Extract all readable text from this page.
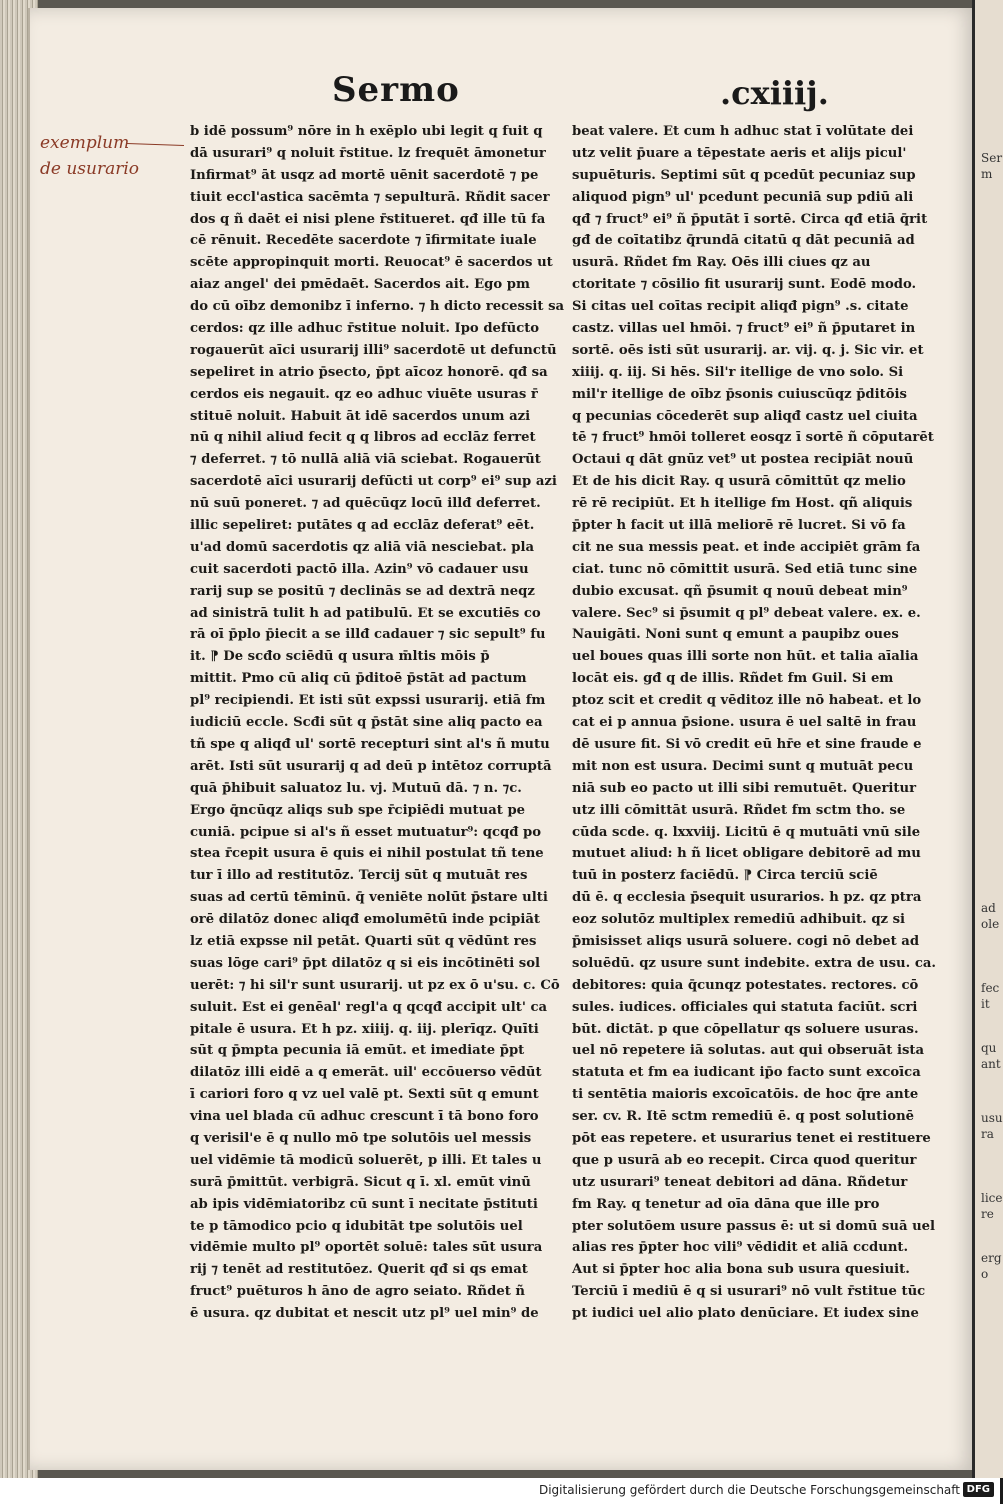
Sermo	.cxiiij.
exemplum
de usurario
b idē possum⁹ nōre in h exēplo ubi legit q fuit q
dā usurari⁹ q noluit r̄stitue. lz frequēt āmonetur
Infirmat⁹ āt usqz ad mortē uēnit sacerdotē ⁊ pe
tiuit eccl'astica sacēmta ⁊ sepulturā. Rñdit sacer
dos q ñ daēt ei nisi plene r̄stitueret. qđ ille tū fa
cē rēnuit. Recedēte sacerdote ⁊ īfirmitate iuale
scēte appropinquit morti. Reuocat⁹ ē sacerdos ut
aiaz angel' dei pmēdaēt. Sacerdos ait. Ego pm
do cū oībz demonibz ī inferno. ⁊ h dicto recessit sa
cerdos: qz ille adhuc r̄stitue noluit. Ipo defūcto
rogauerūt aīci usurarij illi⁹ sacerdotē ut defunctū
sepeliret in atrio p̄secto, p̄pt aīcoz honorē. qđ sa
cerdos eis negauit. qz eo adhuc viuēte usuras r̄
stituē noluit. Habuit āt idē sacerdos unum azi
nū q nihil aliud fecit q q libros ad ecclāz ferret
⁊ deferret. ⁊ tō nullā aliā viā sciebat. Rogauerūt
sacerdotē aīci usurarij defūcti ut corp⁹ ei⁹ sup azi
nū suū poneret. ⁊ ad quēcūqz locū illđ deferret.
illic sepeliret: putātes q ad ecclāz deferat⁹ eēt.
u'ad domū sacerdotis qz aliā viā nesciebat. pla
cuit sacerdoti pactō illa. Azin⁹ vō cadauer usu
rarij sup se positū ⁊ declinās se ad dextrā neqz
ad sinistrā tulit h ad patibulū. Et se excutiēs co
rā oī p̄plo p̄iecit a se illđ cadauer ⁊ sic sepult⁹ fu
it. ⁋ De scđo sciēdū q usura m̄ltis mōis p̄
mittit. Pmo cū aliq cū p̄ditoē p̄stāt ad pactum
pl⁹ recipiendi. Et isti sūt expssi usurarij. etiā fm
iudiciū eccle. Scđi sūt q p̄stāt sine aliq pacto ea
tñ spe q aliqđ ul' sortē recepturi sint al's ñ mutu
arēt. Isti sūt usurarij q ad deū p intētoz corruptā
quā p̄hibuit saluatoz lu. vj. Mutuū dā. ⁊ n. ⁊c.
Ergo q̄ncūqz aliqs sub spe r̄cipiēdi mutuat pe
cuniā. pcipue si al's ñ esset mutuatur⁹: qcqđ po
stea r̄cepit usura ē quis ei nihil postulat tñ tene
tur ī illo ad restitutōz. Tercij sūt q mutuāt res
suas ad certū tēminū. q̄ veniēte nolūt p̄stare ulti
orē dilatōz donec aliqđ emolumētū inde pcipiāt
lz etiā expsse nil petāt. Quarti sūt q vēdūnt res
suas lōge cari⁹ p̄pt dilatōz q si eis incōtinēti sol
uerēt: ⁊ hi sil'r sunt usurarij. ut pz ex ō u'su. c. Cō
suluit. Est ei genēal' regl'a q qcqđ accipit ult' ca
pitale ē usura. Et h pz. xiiij. q. iij. plerīqz. Quīti
sūt q p̄mpta pecunia iā emūt. et imediate p̄pt
dilatōz illi eidē a q emerāt. uil' eccōuerso vēdūt
ī cariori foro q vz uel valē pt. Sexti sūt q emunt
vina uel blada cū adhuc crescunt ī tā bono foro
q verisil'e ē q nullo mō tpe solutōis uel messis
uel vidēmie tā modicū soluerēt, p illi. Et tales u
surā p̄mittūt. verbigrā. Sicut q ī. xl. emūt vinū
ab ipis vidēmiatoribz cū sunt ī necitate p̄stituti
te p tāmodico pcio q idubitāt tpe solutōis uel
vidēmie multo pl⁹ oportēt soluē: tales sūt usura
rij ⁊ tenēt ad restitutōez. Querit qđ si qs emat
fruct⁹ puēturos h āno de agro seiato. Rñdet ñ
ē usura. qz dubitat et nescit utz pl⁹ uel min⁹ de
beat valere. Et cum h adhuc stat ī volūtate dei
utz velit p̄uare a tēpestate aeris et alijs picul'
supuēturis. Septimi sūt q pcedūt pecuniaz sup
aliquod pign⁹ ul' pcedunt pecuniā sup pdiū ali
qđ ⁊ fruct⁹ ei⁹ ñ p̄putāt ī sortē. Circa qđ etiā q̄rit
gđ de coītatibz q̄rundā citatū q dāt pecuniā ad
usurā. Rñdet fm Ray. Oēs illi ciues qz au
ctoritate ⁊ cōsilio fit usurarij sunt. Eodē modo.
Si citas uel coītas recipit aliqđ pign⁹ .s. citate
castz. villas uel hmōi. ⁊ fruct⁹ ei⁹ ñ p̄putaret in
sortē. oēs isti sūt usurarij. ar. vij. q. j. Sic vir. et
xiiij. q. iij. Si hēs. Sil'r itellige de vno solo. Si
mil'r itellige de oībz p̄sonis cuiuscūqz p̄ditōis
q pecunias cōcederēt sup aliqđ castz uel ciuita
tē ⁊ fruct⁹ hmōi tolleret eosqz ī sortē ñ cōputarēt
Octaui q dāt gnūz vet⁹ ut postea recipiāt nouū
Et de his dicit Ray. q usurā cōmittūt qz melio
rē rē recipiūt. Et h itellige fm Host. qñ aliquis
p̄pter h facit ut illā meliorē rē lucret. Si vō fa
cit ne sua messis peat. et inde accipiēt grām fa
ciat. tunc nō cōmittit usurā. Sed etiā tunc sine
dubio excusat. qñ p̄sumit q nouū debeat min⁹
valere. Sec⁹ si p̄sumit q pl⁹ debeat valere. ex. e.
Nauigāti. Noni sunt q emunt a paupibz oues
uel boues quas illi sorte non hūt. et talia aīalia
locāt eis. gđ q de illis. Rñdet fm Guil. Si em
ptoz scit et credit q vēditoz ille nō habeat. et lo
cat ei p annua p̄sione. usura ē uel saltē in frau
dē usure fit. Si vō credit eū hr̄e et sine fraude e
mit non est usura. Decimi sunt q mutuāt pecu
niā sub eo pacto ut illi sibi remutuēt. Queritur
utz illi cōmittāt usurā. Rñdet fm sctm tho. se
cūda scde. q. lxxviij. Licitū ē q mutuāti vnū sile
mutuet aliud: h ñ licet obligare debitorē ad mu
tuū in posterz faciēdū. ⁋ Circa terciū sciē
dū ē. q ecclesia p̄sequit usurarios. h pz. qz ptra
eoz solutōz multiplex remediū adhibuit. qz si
p̄misisset aliqs usurā soluere. cogi nō debet ad
soluēdū. qz usure sunt indebite. extra de usu. ca.
debitores: quia q̄cunqz potestates. rectores. cō
sules. iudices. officiales qui statuta faciūt. scri
būt. dictāt. p que cōpellatur qs soluere usuras.
uel nō repetere iā solutas. aut qui obseruāt ista
statuta et fm ea iudicant ip̄o facto sunt excoīca
ti sentētia maioris excoīcatōis. de hoc q̄re ante
ser. cv. R. Itē sctm remediū ē. q post solutionē
pōt eas repetere. et usurarius tenet ei restituere
que p usurā ab eo recepit. Circa quod queritur
utz usurari⁹ teneat debitori ad dāna. Rñdetur
fm Ray. q tenetur ad oīa dāna que ille pro
pter solutōem usure passus ē: ut si domū suā uel
alias res p̄pter hoc vili⁹ vēdidit et aliā ccdunt.
Aut si p̄pter hoc alia bona sub usura quesiuit.
Terciū ī mediū ē q si usurari⁹ nō vult r̄stitue tūc
pt iudici uel alio plato denūciare. Et iudex sine
Serm
adole
fecit
quant
usura
licere
ergo
Digitalisierung gefördert durch die Deutsche Forschungsgemeinschaft DFG
